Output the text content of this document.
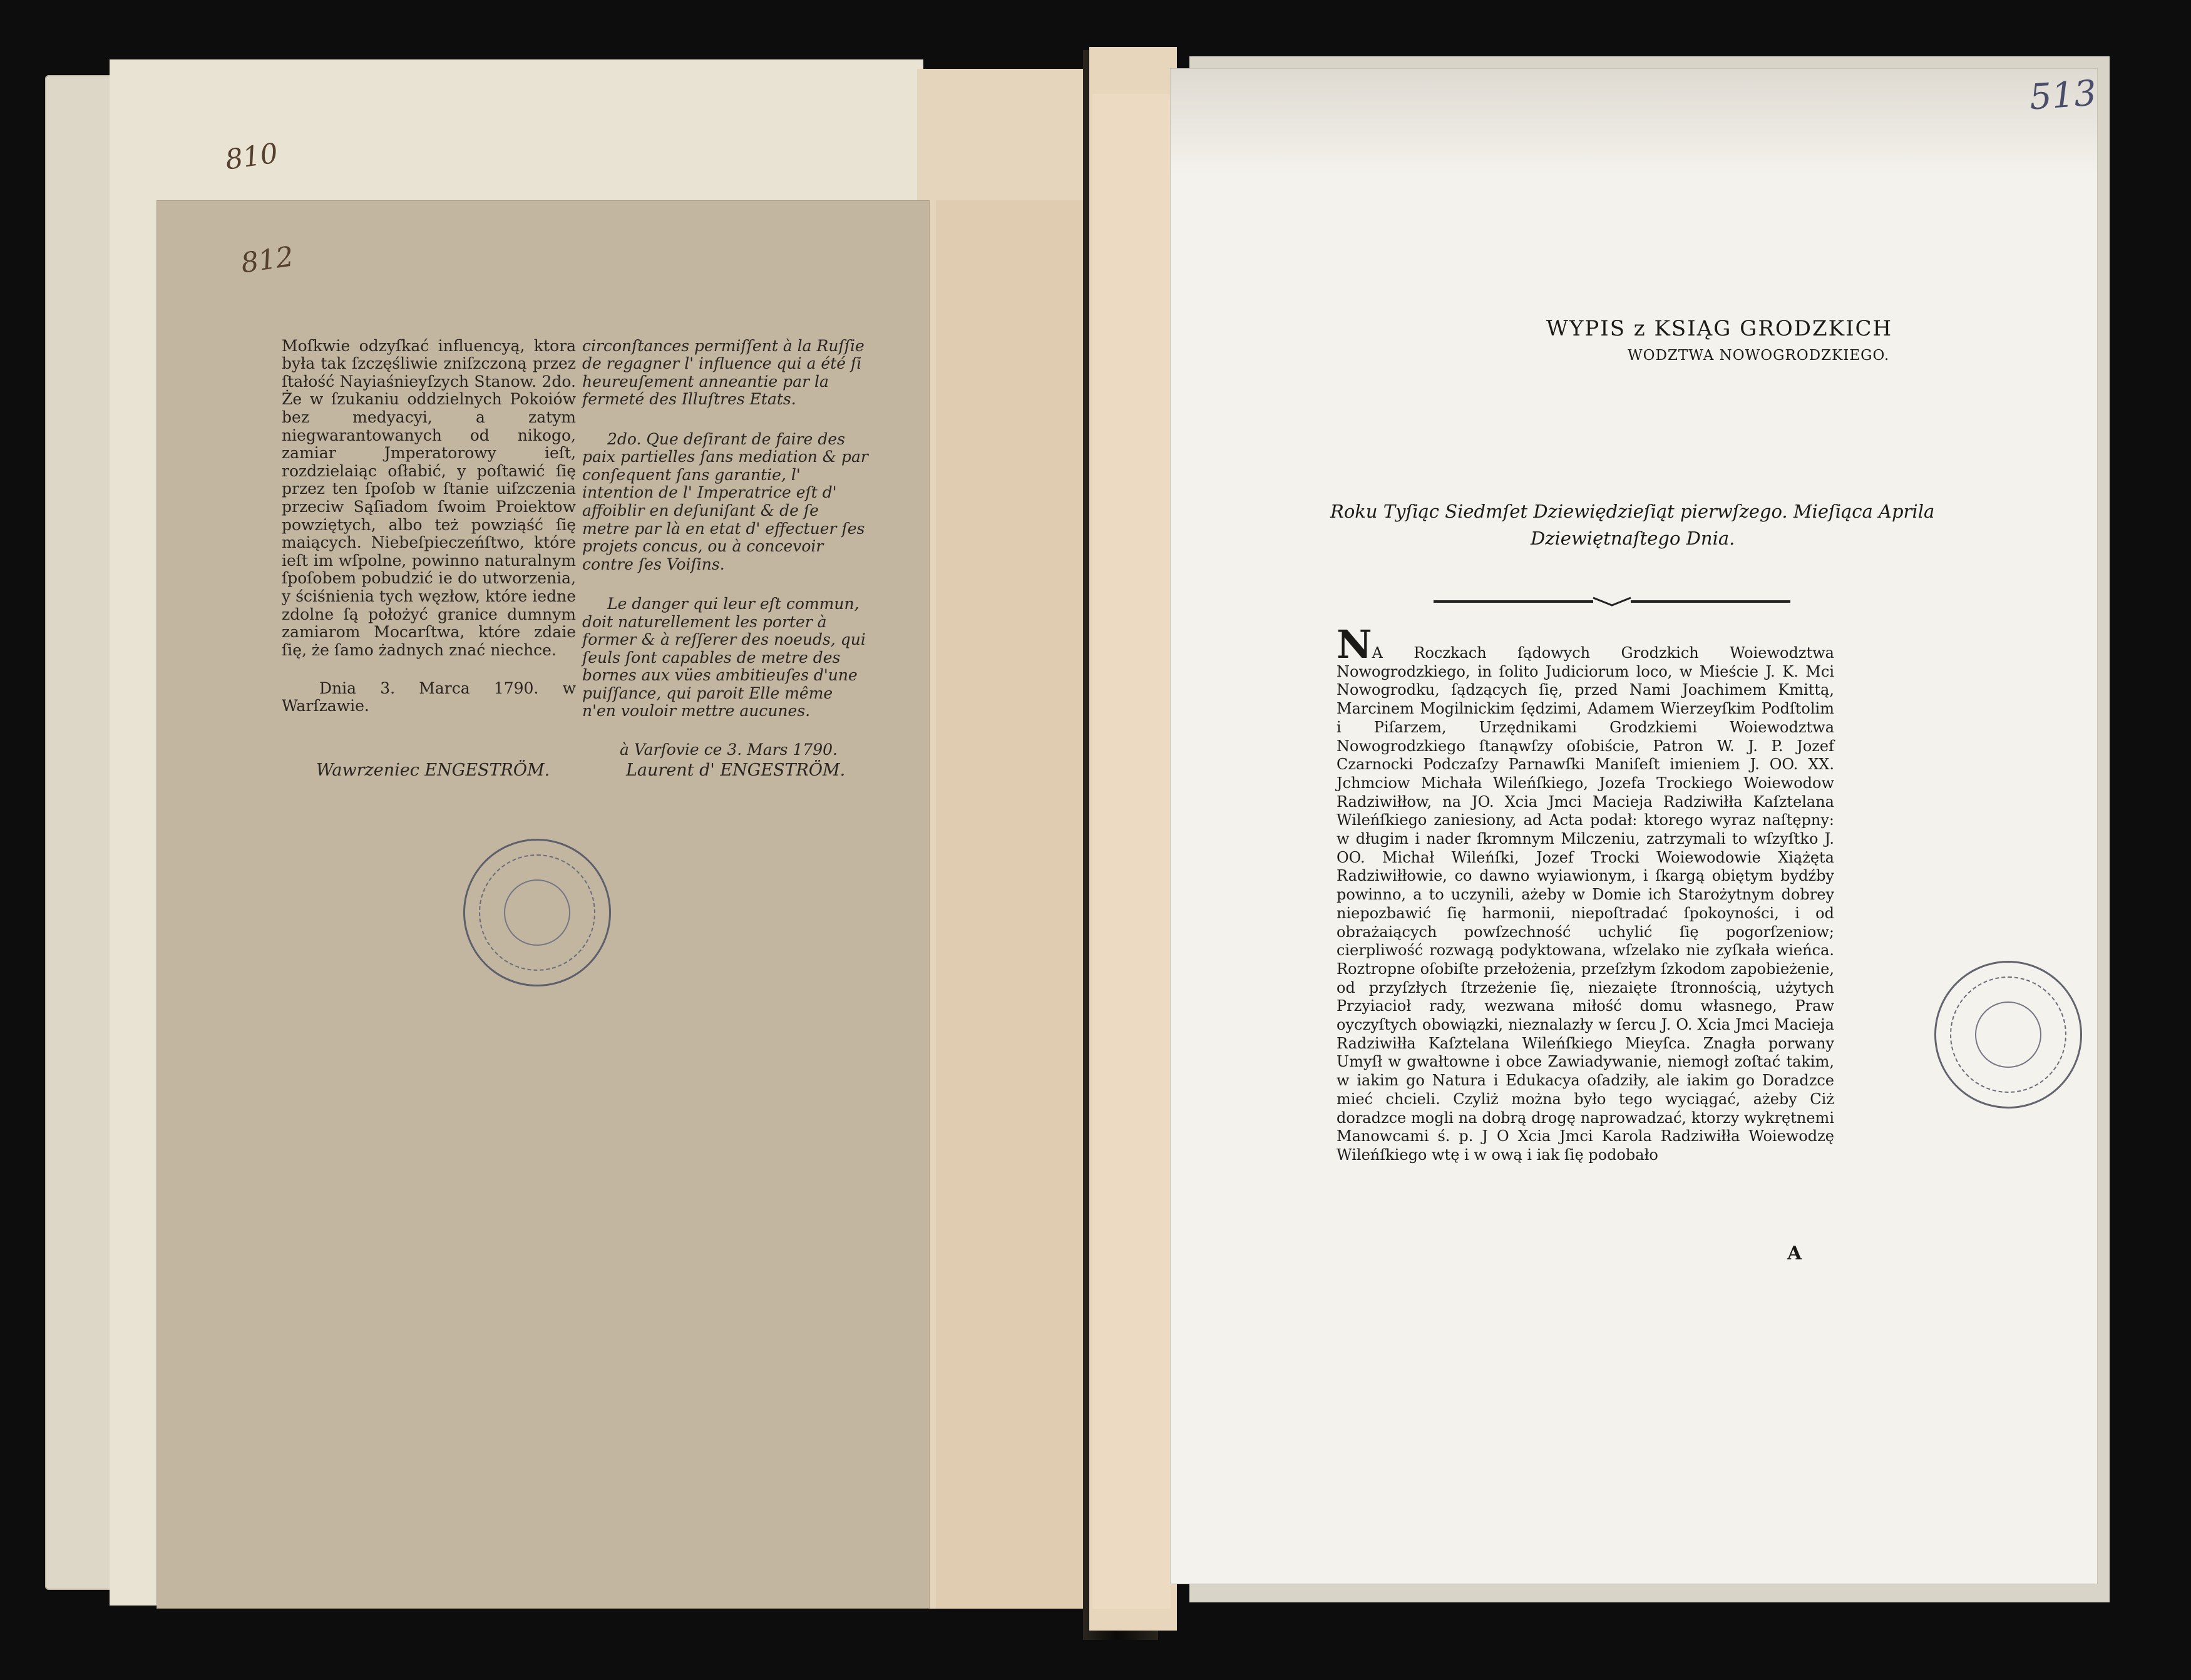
810
812

Moſkwie odzyſkać influencyą, ktora była tak ſzczęśliwie zniſzczoną przez ſtałość Nayiaśnieyſzych Stanow. 2do. Że w ſzukaniu oddzielnych Pokoiów bez medyacyi, a zatym niegwarantowanych od nikogo, zamiar Jmperatorowy ieſt, rozdzielaiąc oſłabić, y poſtawić ſię przez ten ſpoſob w ſtanie uiſzczenia przeciw Sąſiadom ſwoim Proiektow powziętych, albo też powziąść ſię maiących. Niebeſpieczeńſtwo, które ieſt im wſpolne, powinno naturalnym ſpoſobem pobudzić ie do utworzenia, y ściśnienia tych węzłow, które iedne zdolne ſą położyć granice dumnym zamiarom Mocarſtwa, które zdaie ſię, że ſamo żadnych znać niechce.

Dnia 3. Marca 1790. w Warſzawie.

circonſtances permiſſent à la Ruſſie de regagner l' influence qui a été ſi heureuſement anneantie par la fermeté des Illuſtres Etats.

2do. Que deſirant de faire des paix partielles ſans mediation & par conſequent ſans garantie, l' intention de l' Imperatrice eſt d' affoiblir en deſuniſant & de ſe metre par là en etat d' effectuer ſes projets concus, ou à concevoir contre ſes Voiſins.

Le danger qui leur eſt commun, doit naturellement les porter à former & à reſſerer des noeuds, qui ſeuls ſont capables de metre des bornes aux vües ambitieuſes d'une puiſſance, qui paroit Elle même n'en vouloir mettre aucunes.

à Varſovie ce 3. Mars 1790.

Wawrzeniec ENGESTRÖM.	Laurent d' ENGESTRÖM.
513
WYPIS z KSIĄG GRODZKICH
WODZTWA NOWOGRODZKIEGO.
Roku Tyſiąc Siedmſet Dziewiędzieſiąt pierwſzego. Mieſiąca Aprila
Dziewiętnaſtego Dnia.
NA Roczkach ſądowych Grodzkich Woiewodztwa Nowogrodzkiego, in ſolito Judiciorum loco, w Mieście J. K. Mci Nowogrodku, ſądzących ſię, przed Nami Joachimem Kmittą, Marcinem Mogilnickim ſędzimi, Adamem Wierzeyſkim Podſtolim i Piſarzem, Urzędnikami Grodzkiemi Woiewodztwa Nowogrodzkiego ſtanąwſzy oſobiście, Patron W. J. P. Jozef Czarnocki Podczaſzy Parnawſki Maniſeſt imieniem J. OO. XX. Jchmciow Michała Wileńſkiego, Jozefa Trockiego Woiewodow Radziwiłłow, na JO. Xcia Jmci Macieja Radziwiłła Kaſztelana Wileńſkiego zaniesiony, ad Acta podał: ktorego wyraz naſtępny: w długim i nader ſkromnym Milczeniu, zatrzymali to wſzyſtko J. OO. Michał Wileńſki, Jozef Trocki Woiewodowie Xiążęta Radziwiłłowie, co dawno wyiawionym, i ſkargą obiętym bydźby powinno, a to uczynili, ażeby w Domie ich Starożytnym dobrey niepozbawić ſię harmonii, niepoſtradać ſpokoyności, i od obrażaiących powſzechność uchylić ſię pogorſzeniow; cierpliwość rozwagą podyktowana, wſzelako nie zyſkała wieńca. Roztropne oſobiſte przełożenia, przeſzłym ſzkodom zapobieżenie, od przyſzłych ſtrzeżenie ſię, niezaięte ſtronnością, użytych Przyiacioł rady, wezwana miłość domu własnego, Praw oyczyſtych obowiązki, nieznalazły w ſercu J. O. Xcia Jmci Macieja Radziwiłła Kaſztelana Wileńſkiego Mieyſca. Znagła porwany Umyſł w gwałtowne i obce Zawiadywanie, niemogł zoſtać takim, w iakim go Natura i Edukacya oſadziły, ale iakim go Doradzce mieć chcieli. Czyliż można było tego wyciągać, ażeby Ciż doradzce mogli na dobrą drogę naprowadzać, ktorzy wykrętnemi Manowcami ś. p. J O Xcia Jmci Karola Radziwiłła Woiewodzę Wileńſkiego wtę i w ową i iak ſię podobało
A
